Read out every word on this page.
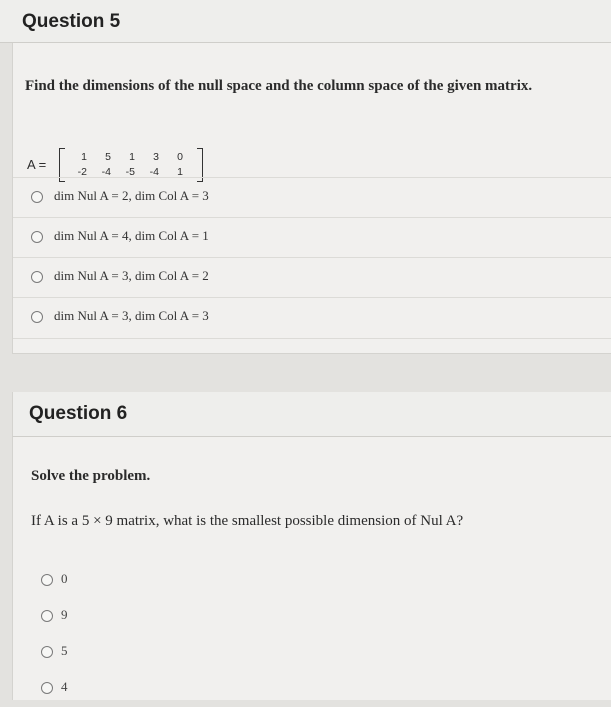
Question 5
Find the dimensions of the null space and the column space of the given matrix.
A =	1	5	1	3	0
-2	-4	-5	-4	1
dim Nul A = 2, dim Col A = 3
dim Nul A = 4, dim Col A = 1
dim Nul A = 3, dim Col A = 2
dim Nul A = 3, dim Col A = 3
Question 6
Solve the problem.
If A is a 5 × 9 matrix, what is the smallest possible dimension of Nul A?
0
9
5
4
